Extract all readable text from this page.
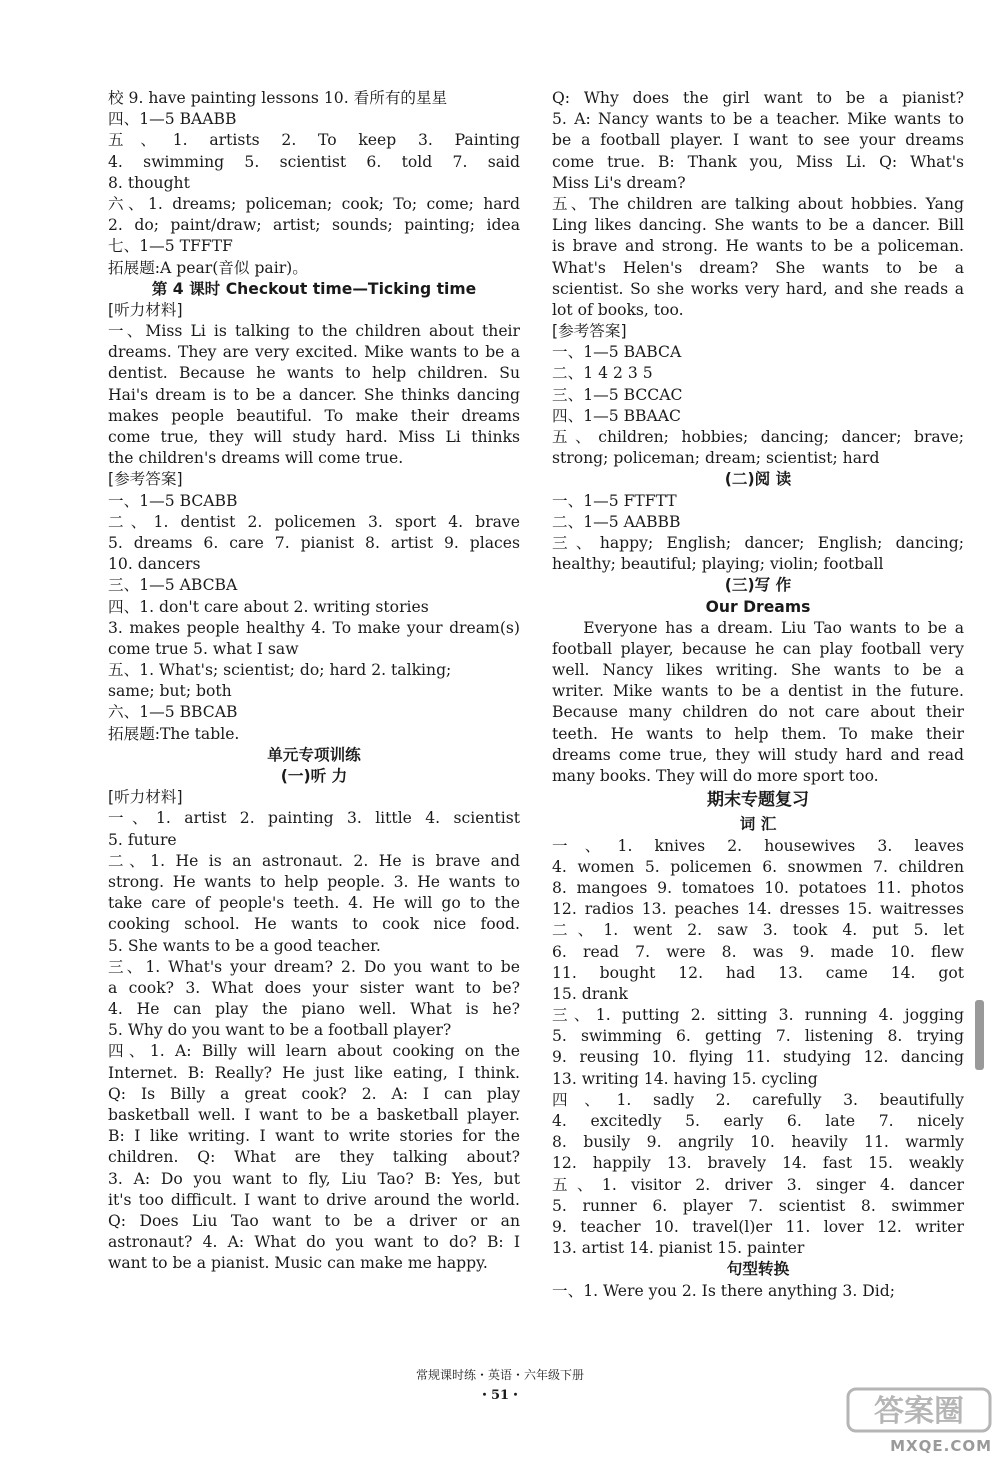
校 9. have painting lessons 10. 看所有的星星
四、1—5 BAABB
五、1. artists 2. To keep 3. Painting
4. swimming 5. scientist 6. told 7. said
8. thought
六、1. dreams; policeman; cook; To; come; hard
2. do; paint/draw; artist; sounds; painting; idea
七、1—5 TFFTF
拓展题:A pear(音似 pair)。
第 4 课时 Checkout time—Ticking time
[听力材料]
一、Miss Li is talking to the children about their
dreams. They are very excited. Mike wants to be a
dentist. Because he wants to help children. Su
Hai's dream is to be a dancer. She thinks dancing
makes people beautiful. To make their dreams
come true, they will study hard. Miss Li thinks
the children's dreams will come true.
[参考答案]
一、1—5 BCABB
二、1. dentist 2. policemen 3. sport 4. brave
5. dreams 6. care 7. pianist 8. artist 9. places
10. dancers
三、1—5 ABCBA
四、1. don't care about 2. writing stories
3. makes people healthy 4. To make your dream(s)
come true 5. what I saw
五、1. What's; scientist; do; hard 2. talking;
same; but; both
六、1—5 BBCAB
拓展题:The table.
单元专项训练
(一)听 力
[听力材料]
一、1. artist 2. painting 3. little 4. scientist
5. future
二、1. He is an astronaut. 2. He is brave and
strong. He wants to help people. 3. He wants to
take care of people's teeth. 4. He will go to the
cooking school. He wants to cook nice food.
5. She wants to be a good teacher.
三、1. What's your dream? 2. Do you want to be
a cook? 3. What does your sister want to be?
4. He can play the piano well. What is he?
5. Why do you want to be a football player?
四、1. A: Billy will learn about cooking on the
Internet. B: Really? He just like eating, I think.
Q: Is Billy a great cook? 2. A: I can play
basketball well. I want to be a basketball player.
B: I like writing. I want to write stories for the
children. Q: What are they talking about?
3. A: Do you want to fly, Liu Tao? B: Yes, but
it's too difficult. I want to drive around the world.
Q: Does Liu Tao want to be a driver or an
astronaut? 4. A: What do you want to do? B: I
want to be a pianist. Music can make me happy.
Q: Why does the girl want to be a pianist?
5. A: Nancy wants to be a teacher. Mike wants to
be a football player. I want to see your dreams
come true. B: Thank you, Miss Li. Q: What's
Miss Li's dream?
五、The children are talking about hobbies. Yang
Ling likes dancing. She wants to be a dancer. Bill
is brave and strong. He wants to be a policeman.
What's Helen's dream? She wants to be a
scientist. So she works very hard, and she reads a
lot of books, too.
[参考答案]
一、1—5 BABCA
二、1 4 2 3 5
三、1—5 BCCAC
四、1—5 BBAAC
五、children; hobbies; dancing; dancer; brave;
strong; policeman; dream; scientist; hard
(二)阅 读
一、1—5 FTFTT
二、1—5 AABBB
三、happy; English; dancer; English; dancing;
healthy; beautiful; playing; violin; football
(三)写 作
Our Dreams
Everyone has a dream. Liu Tao wants to be a
football player, because he can play football very
well. Nancy likes writing. She wants to be a
writer. Mike wants to be a dentist in the future.
Because many children do not care about their
teeth. He wants to help them. To make their
dreams come true, they will study hard and read
many books. They will do more sport too.
期末专题复习
词 汇
一、1. knives 2. housewives 3. leaves
4. women 5. policemen 6. snowmen 7. children
8. mangoes 9. tomatoes 10. potatoes 11. photos
12. radios 13. peaches 14. dresses 15. waitresses
二、1. went 2. saw 3. took 4. put 5. let
6. read 7. were 8. was 9. made 10. flew
11. bought 12. had 13. came 14. got
15. drank
三、1. putting 2. sitting 3. running 4. jogging
5. swimming 6. getting 7. listening 8. trying
9. reusing 10. flying 11. studying 12. dancing
13. writing 14. having 15. cycling
四、1. sadly 2. carefully 3. beautifully
4. excitedly 5. early 6. late 7. nicely
8. busily 9. angrily 10. heavily 11. warmly
12. happily 13. bravely 14. fast 15. weakly
五、1. visitor 2. driver 3. singer 4. dancer
5. runner 6. player 7. scientist 8. swimmer
9. teacher 10. travel(l)er 11. lover 12. writer
13. artist 14. pianist 15. painter
句型转换
一、1. Were you 2. Is there anything 3. Did;
常规课时练・英语・六年级下册
・51・	答案圈
MXQE.COM
